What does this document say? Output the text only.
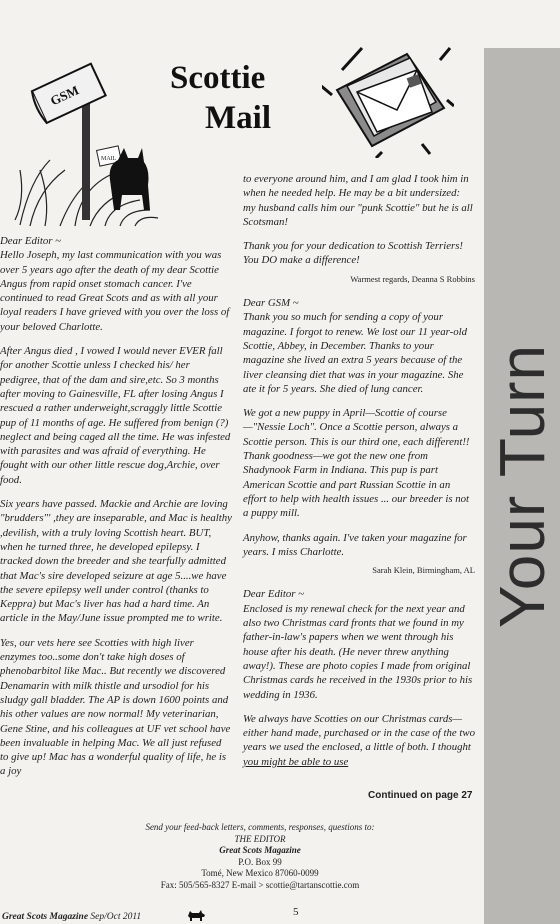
GSM
MAIL
Scottie
Mail
Your Turn

Dear Editor ~

Hello Joseph, my last communication with you was over 5 years ago after the death of my dear Scottie Angus from rapid onset stomach cancer. I've continued to read Great Scots and as with all your loyal readers I have grieved with you over the loss of your beloved Charlotte.

After Angus died , I vowed I would never EVER fall for another Scottie unless I checked his/ her pedigree, that of the dam and sire,etc. So 3 months after moving to Gainesville, FL after losing Angus I rescued a rather underweight,scraggly little Scottie pup of 11 months of age. He suffered from benign (?) neglect and being caged all the time. He was infested with parasites and was afraid of everything. He fought with our other little rescue dog,Archie, over food.

Six years have passed. Mackie and Archie are loving "brudders"' ,they are inseparable, and Mac is healthy ,devilish, with a truly loving Scottish heart. BUT, when he turned three, he developed epilepsy. I tracked down the breeder and she tearfully admitted that Mac's sire developed seizure at age 5....we have the severe epilepsy well under control (thanks to Keppra) but Mac's liver has had a hard time. An article in the May/June issue prompted me to write.

Yes, our vets here see Scotties with high liver enzymes too..some don't take high doses of phenobarbitol like Mac.. But recently we discovered Denamarin with milk thistle and ursodiol for his sludgy gall bladder. The AP is down 1600 points and his other values are now normal! My veterinarian, Gene Stine, and his colleagues at UF vet school have been invaluable in helping Mac. We all just refused to give up! Mac has a wonderful quality of life, he is a joy

to everyone around him, and I am glad I took him in when he needed help. He may be a bit undersized: my husband calls him our "punk Scottie" but he is all Scotsman!

Thank you for your dedication to Scottish Terriers! You DO make a difference!

Warmest regards, Deanna S Robbins

Dear GSM ~

Thank you so much for sending a copy of your magazine. I forgot to renew. We lost our 11 year-old Scottie, Abbey, in December. Thanks to your magazine she lived an extra 5 years because of the liver cleansing diet that was in your magazine. She ate it for 5 years. She died of lung cancer.

We got a new puppy in April—Scottie of course—"Nessie Loch". Once a Scottie person, always a Scottie person. This is our third one, each different!! Thank goodness—we got the new one from Shadynook Farm in Indiana. This pup is part American Scottie and part Russian Scottie in an effort to help with health issues ... our breeder is not a puppy mill.

Anyhow, thanks again. I've taken your magazine for years. I miss Charlotte.

Sarah Klein, Birmingham, AL

Dear Editor ~

Enclosed is my renewal check for the next year and also two Christmas card fronts that we found in my father-in-law's papers when we went through his house after his death. (He never threw anything away!). These are photo copies I made from original Christmas cards he received in the 1930s prior to his wedding in 1936.

We always have Scotties on our Christmas cards—either hand made, purchased or in the case of the two years we used the enclosed, a little of both. I thought you might be able to use

Continued on page 27
Send your feed-back letters, comments, responses, questions to:
THE EDITOR
Great Scots Magazine
P.O. Box 99
Tomé, New Mexico 87060-0099
Fax: 505/565-8327 E-mail > scottie@tartanscottie.com
Great Scots Magazine Sep/Oct 2011	5
